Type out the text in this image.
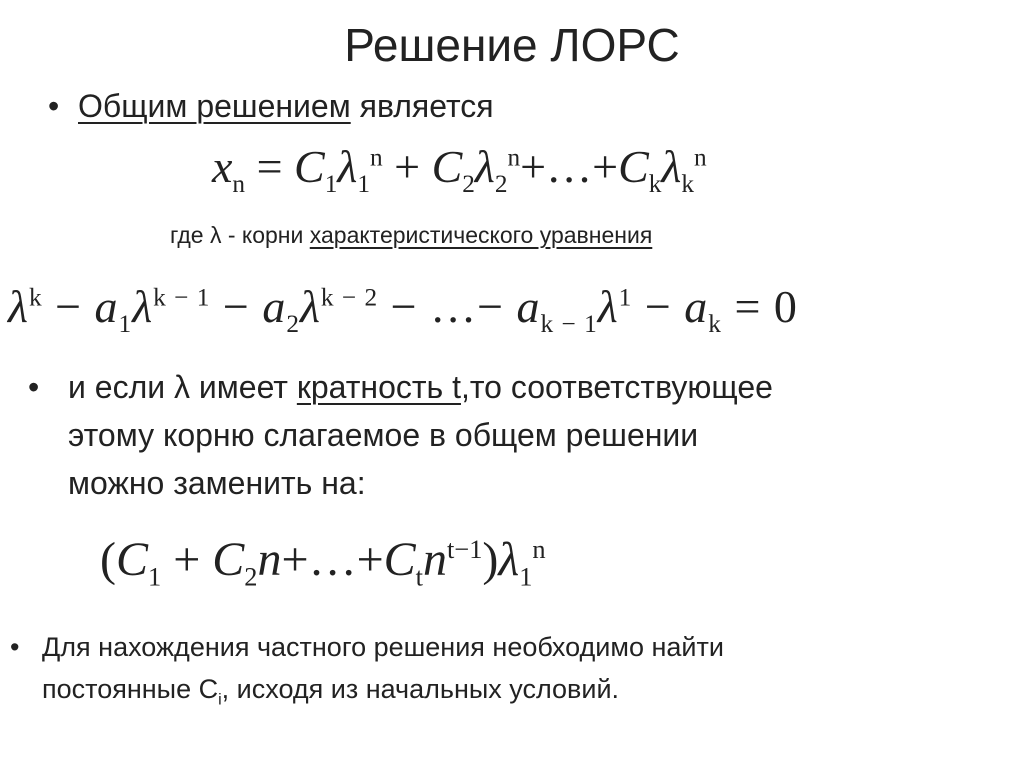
Решение ЛОРС
• Общим решением является
$x_n = C_1\lambda_1^n$ + $C_2\lambda_2^n+\dots+C_k\lambda_k^n$
где λ - корни характеристического уравнения
$\lambda^k - a_1\lambda^{k - 1} - a_2\lambda^{k - 2}$ − …− $a_{k - 1}\lambda^1 - a_k = 0$
• и если λ имеет кратность t,то соответствующее
этому корню слагаемое в общем решении
можно заменить на:
($C_1$ + $C_2n+\dots+C_tn^{t-1})\lambda_1^n$
• Для нахождения частного решения необходимо найти
постоянные $C_i$, исходя из начальных условий.
